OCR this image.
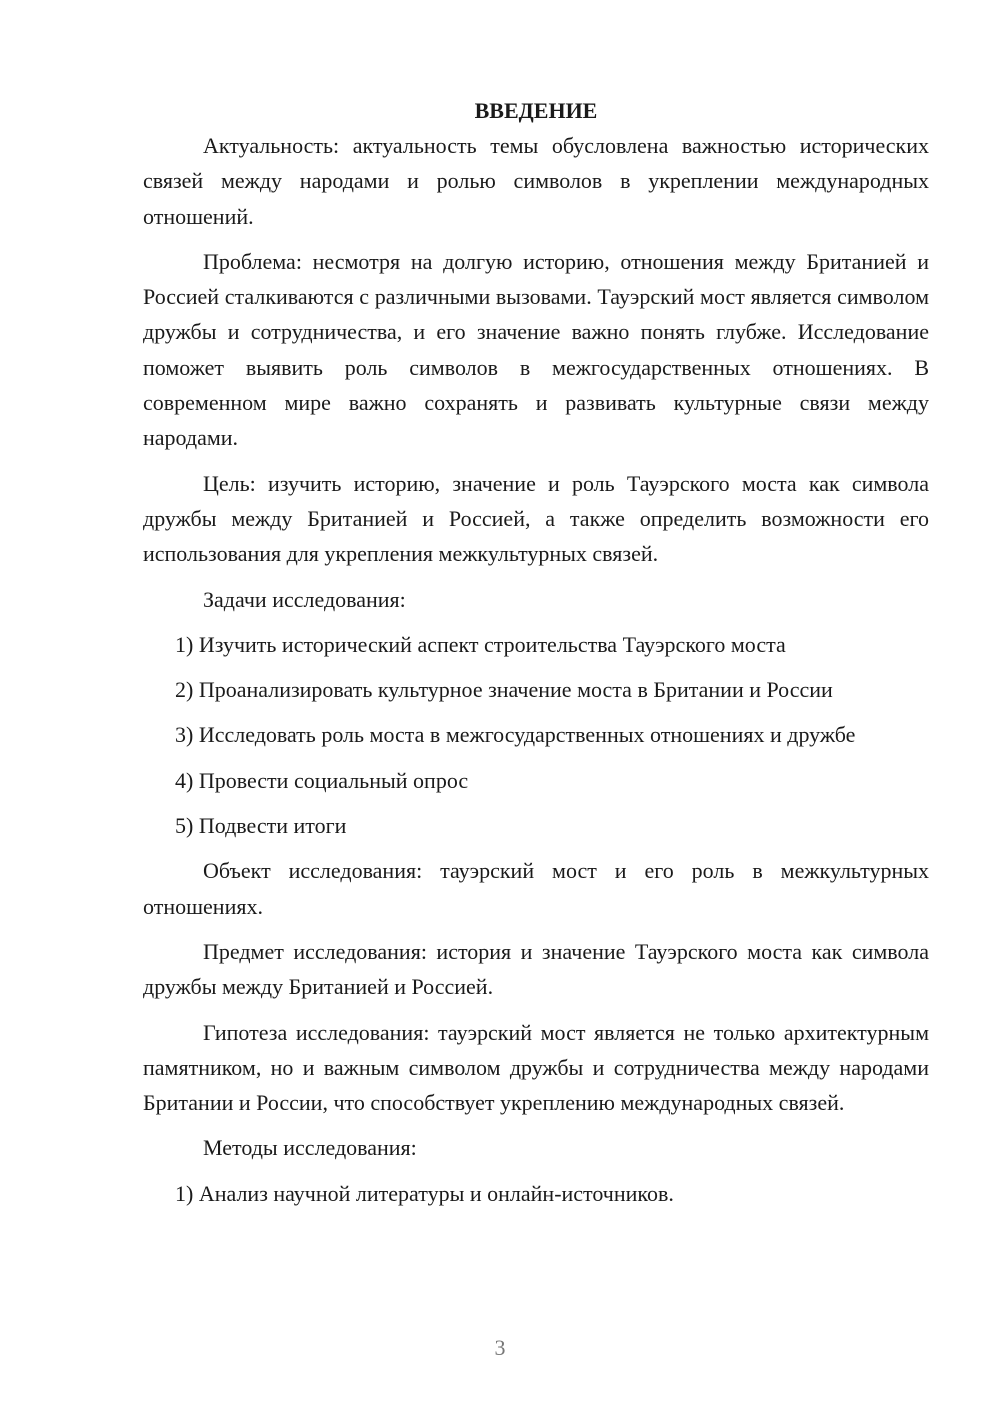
ВВЕДЕНИЕ

Актуальность: актуальность темы обусловлена важностью исторических связей между народами и ролью символов в укреплении международных отношений.

Проблема: несмотря на долгую историю, отношения между Британией и Россией сталкиваются с различными вызовами. Тауэрский мост является символом дружбы и сотрудничества, и его значение важно понять глубже. Исследование поможет выявить роль символов в межгосударственных отношениях. В современном мире важно сохранять и развивать культурные связи между народами.

Цель: изучить историю, значение и роль Тауэрского моста как символа дружбы между Британией и Россией, а также определить возможности его использования для укрепления межкультурных связей.

Задачи исследования:

1) Изучить исторический аспект строительства Тауэрского моста

2) Проанализировать культурное значение моста в Британии и России

3) Исследовать роль моста в межгосударственных отношениях и дружбе

4) Провести социальный опрос

5) Подвести итоги

Объект исследования: тауэрский мост и его роль в межкультурных отношениях.

Предмет исследования: история и значение Тауэрского моста как символа дружбы между Британией и Россией.

Гипотеза исследования: тауэрский мост является не только архитектурным памятником, но и важным символом дружбы и сотрудничества между народами Британии и России, что способствует укреплению международных связей.

Методы исследования:

1) Анализ научной литературы и онлайн-источников.

3
